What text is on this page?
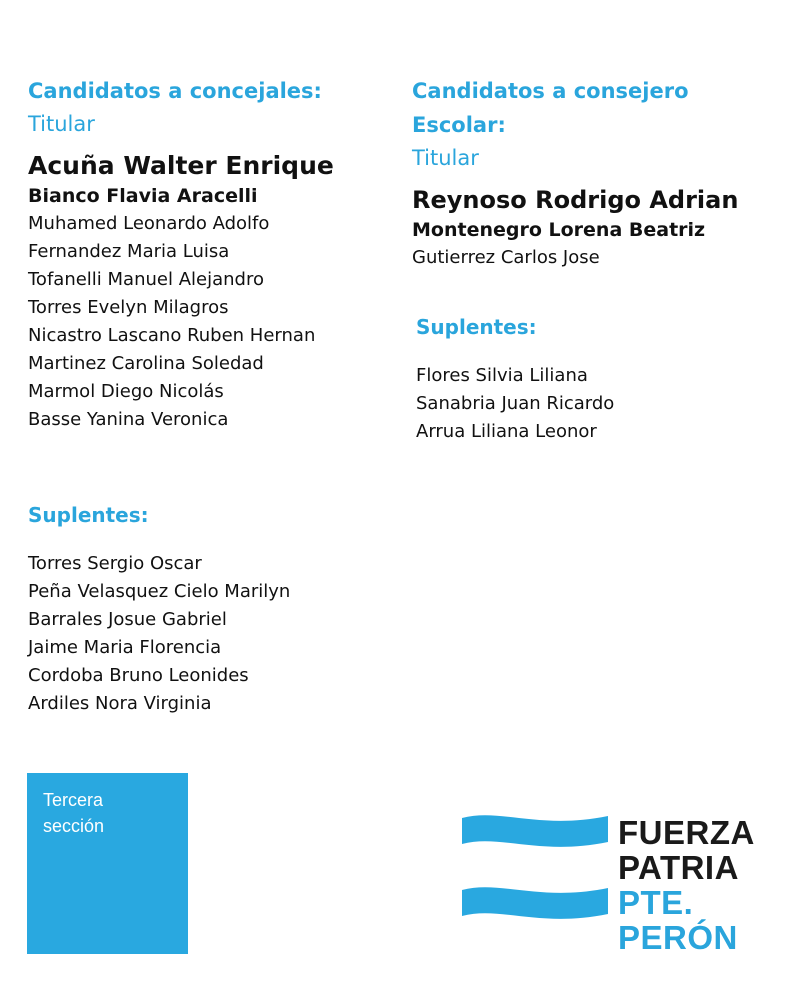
Candidatos a concejales:
Titular
Acuña Walter Enrique
Bianco Flavia Aracelli
Muhamed Leonardo Adolfo
Fernandez Maria Luisa
Tofanelli Manuel Alejandro
Torres Evelyn Milagros
Nicastro Lascano Ruben Hernan
Martinez Carolina Soledad
Marmol Diego Nicolás
Basse Yanina Veronica
Suplentes:
Torres Sergio Oscar
Peña Velasquez Cielo Marilyn
Barrales Josue Gabriel
Jaime Maria Florencia
Cordoba Bruno Leonides
Ardiles Nora Virginia
Candidatos a consejero
Escolar:
Titular
Reynoso Rodrigo Adrian
Montenegro Lorena Beatriz
Gutierrez Carlos Jose
Suplentes:
Flores Silvia Liliana
Sanabria Juan Ricardo
Arrua Liliana Leonor
Tercera
sección	FUERZA
PATRIA
PTE.
PERÓN
